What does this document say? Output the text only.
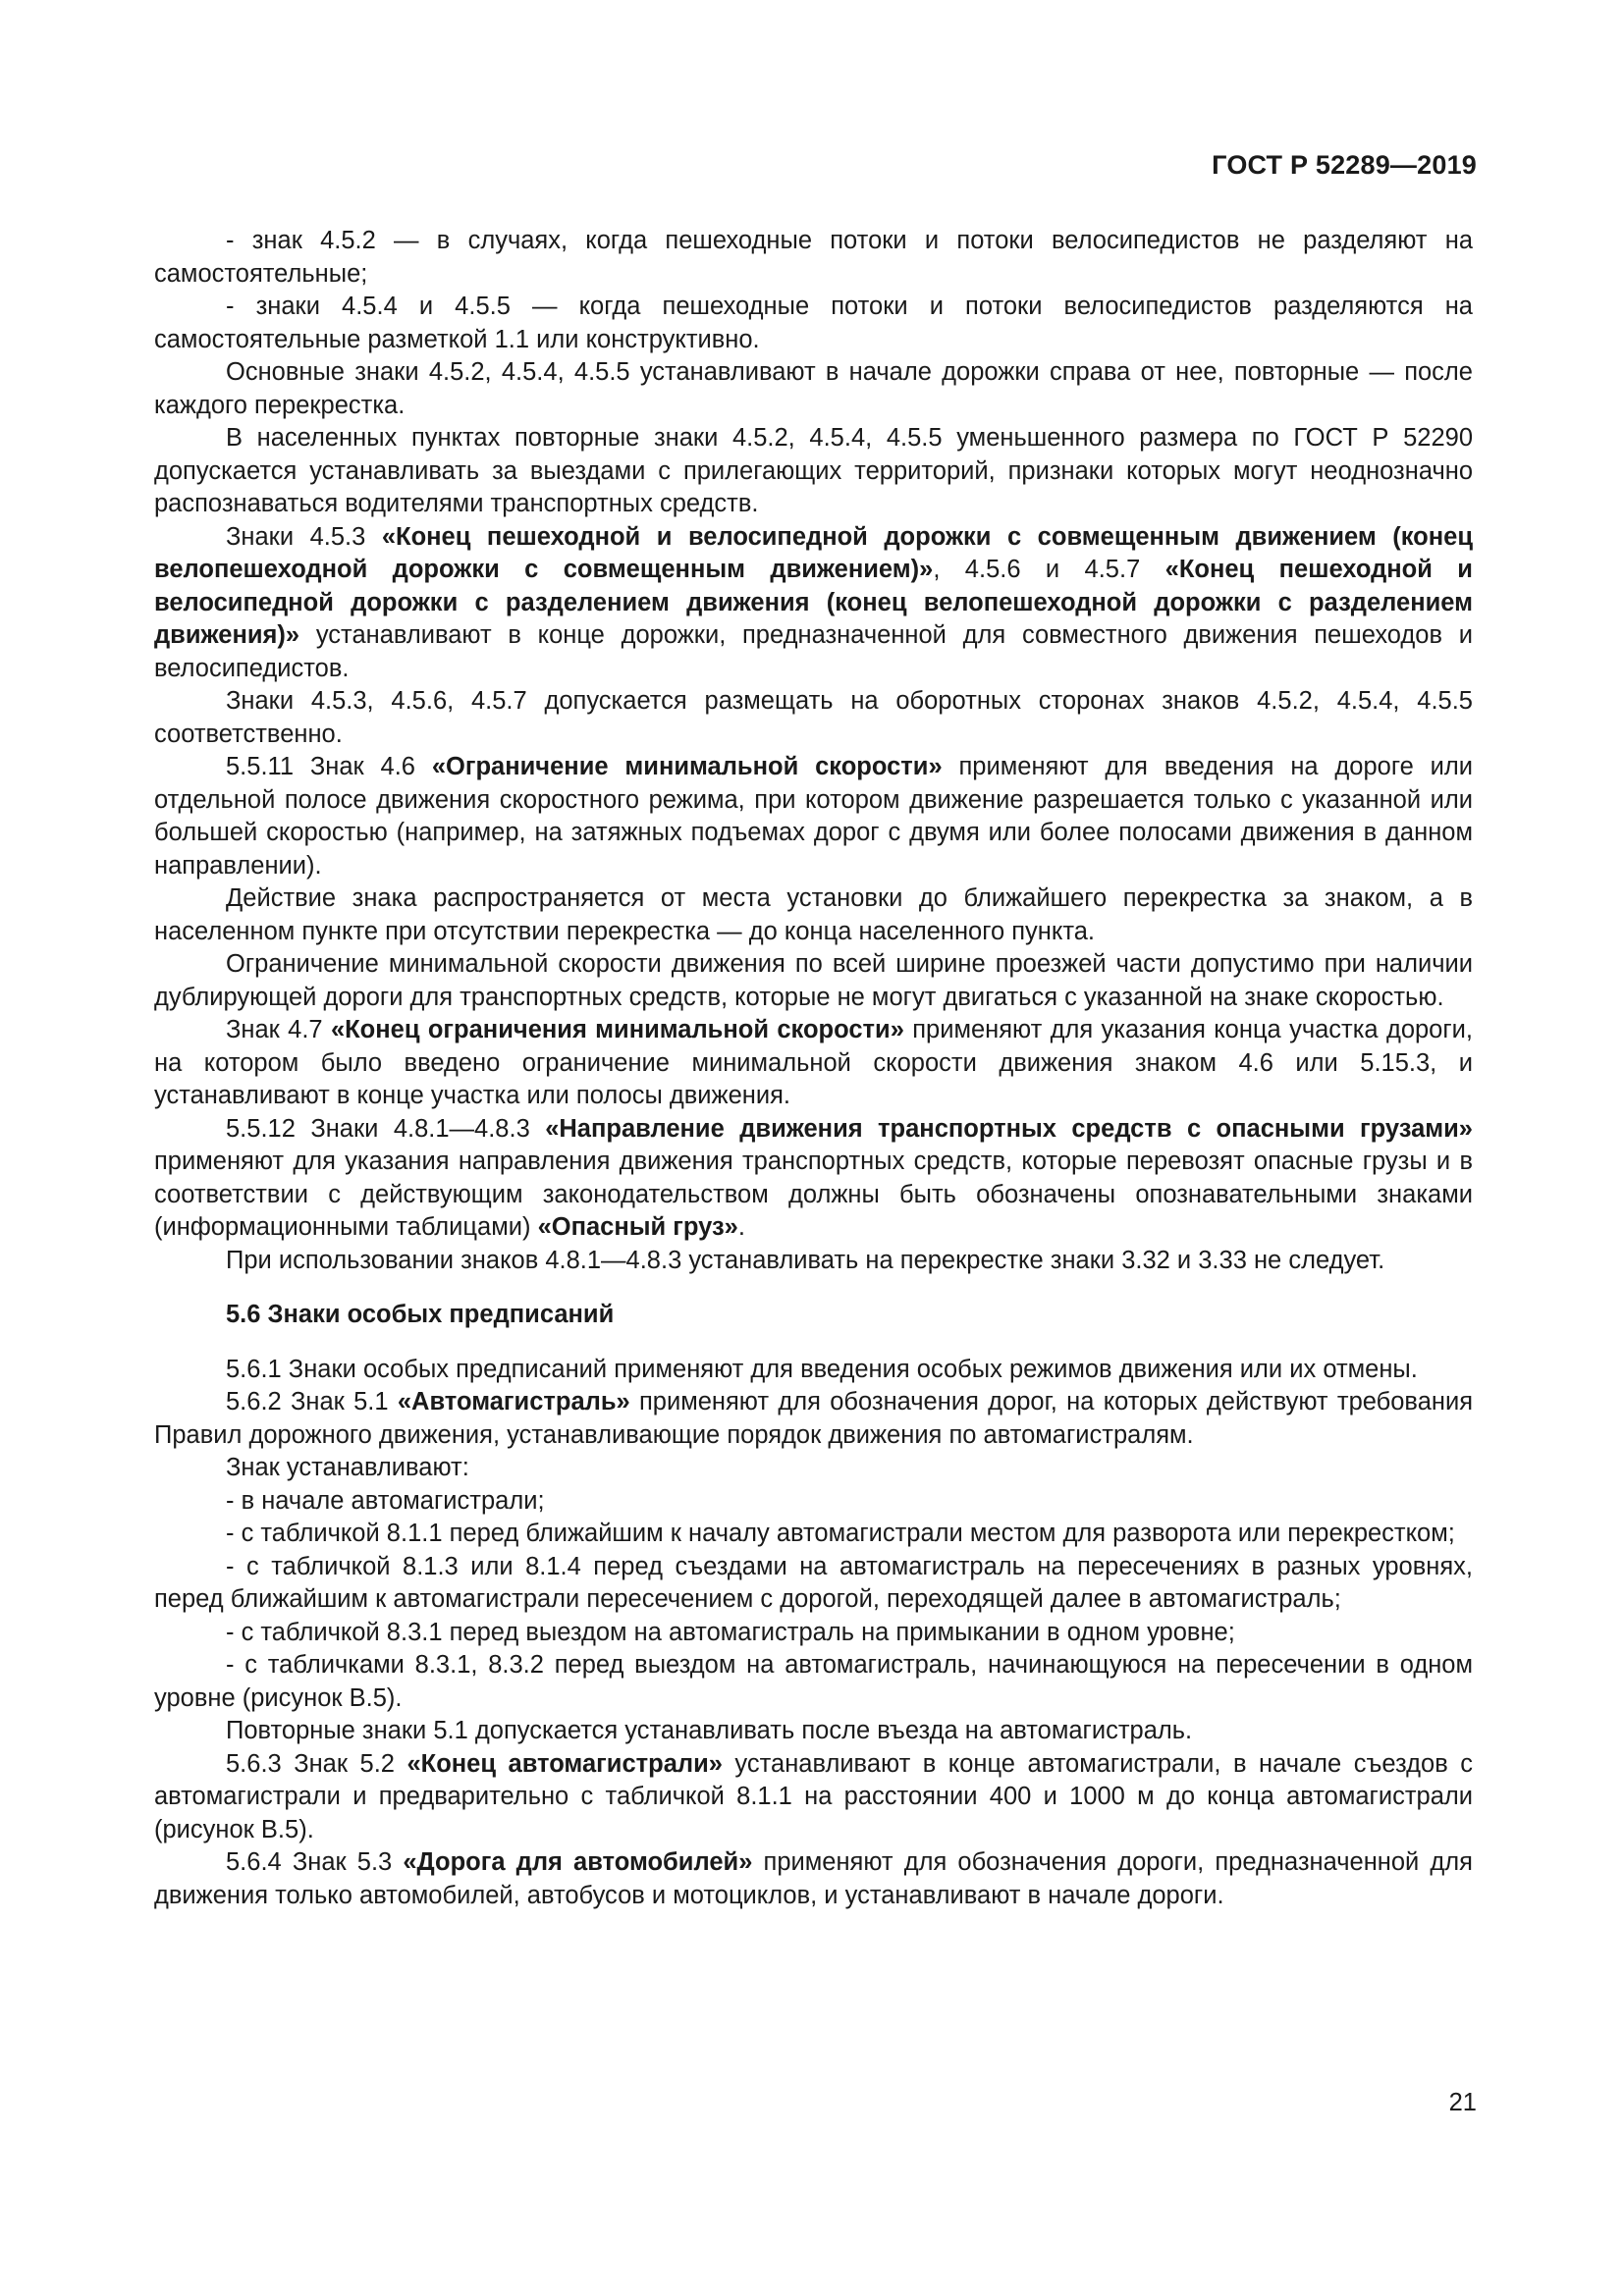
ГОСТ Р 52289—2019

- знак 4.5.2 — в случаях, когда пешеходные потоки и потоки велосипедистов не разделяют на самостоятельные;

- знаки 4.5.4 и 4.5.5 — когда пешеходные потоки и потоки велосипедистов разделяются на самостоятельные разметкой 1.1 или конструктивно.

Основные знаки 4.5.2, 4.5.4, 4.5.5 устанавливают в начале дорожки справа от нее, повторные — после каждого перекрестка.

В населенных пунктах повторные знаки 4.5.2, 4.5.4, 4.5.5 уменьшенного размера по ГОСТ Р 52290 допускается устанавливать за выездами с прилегающих территорий, признаки которых могут неоднозначно распознаваться водителями транспортных средств.

Знаки 4.5.3 «Конец пешеходной и велосипедной дорожки с совмещенным движением (конец велопешеходной дорожки с совмещенным движением)», 4.5.6 и 4.5.7 «Конец пешеходной и велосипедной дорожки с разделением движения (конец велопешеходной дорожки с разделением движения)» устанавливают в конце дорожки, предназначенной для совместного движения пешеходов и велосипедистов.

Знаки 4.5.3, 4.5.6, 4.5.7 допускается размещать на оборотных сторонах знаков 4.5.2, 4.5.4, 4.5.5 соответственно.

5.5.11 Знак 4.6 «Ограничение минимальной скорости» применяют для введения на дороге или отдельной полосе движения скоростного режима, при котором движение разрешается только с указанной или большей скоростью (например, на затяжных подъемах дорог с двумя или более полосами движения в данном направлении).

Действие знака распространяется от места установки до ближайшего перекрестка за знаком, а в населенном пункте при отсутствии перекрестка — до конца населенного пункта.

Ограничение минимальной скорости движения по всей ширине проезжей части допустимо при наличии дублирующей дороги для транспортных средств, которые не могут двигаться с указанной на знаке скоростью.

Знак 4.7 «Конец ограничения минимальной скорости» применяют для указания конца участка дороги, на котором было введено ограничение минимальной скорости движения знаком 4.6 или 5.15.3, и устанавливают в конце участка или полосы движения.

5.5.12 Знаки 4.8.1—4.8.3 «Направление движения транспортных средств с опасными грузами» применяют для указания направления движения транспортных средств, которые перевозят опасные грузы и в соответствии с действующим законодательством должны быть обозначены опознавательными знаками (информационными таблицами) «Опасный груз».

При использовании знаков 4.8.1—4.8.3 устанавливать на перекрестке знаки 3.32 и 3.33 не следует.

5.6 Знаки особых предписаний

5.6.1 Знаки особых предписаний применяют для введения особых режимов движения или их отмены.

5.6.2 Знак 5.1 «Автомагистраль» применяют для обозначения дорог, на которых действуют требования Правил дорожного движения, устанавливающие порядок движения по автомагистралям.

Знак устанавливают:

- в начале автомагистрали;

- с табличкой 8.1.1 перед ближайшим к началу автомагистрали местом для разворота или перекрестком;

- с табличкой 8.1.3 или 8.1.4 перед съездами на автомагистраль на пересечениях в разных уровнях, перед ближайшим к автомагистрали пересечением с дорогой, переходящей далее в автомагистраль;

- с табличкой 8.3.1 перед выездом на автомагистраль на примыкании в одном уровне;

- с табличками 8.3.1, 8.3.2 перед выездом на автомагистраль, начинающуюся на пересечении в одном уровне (рисунок В.5).

Повторные знаки 5.1 допускается устанавливать после въезда на автомагистраль.

5.6.3 Знак 5.2 «Конец автомагистрали» устанавливают в конце автомагистрали, в начале съездов с автомагистрали и предварительно с табличкой 8.1.1 на расстоянии 400 и 1000 м до конца автомагистрали (рисунок В.5).

5.6.4 Знак 5.3 «Дорога для автомобилей» применяют для обозначения дороги, предназначенной для движения только автомобилей, автобусов и мотоциклов, и устанавливают в начале дороги.

21
